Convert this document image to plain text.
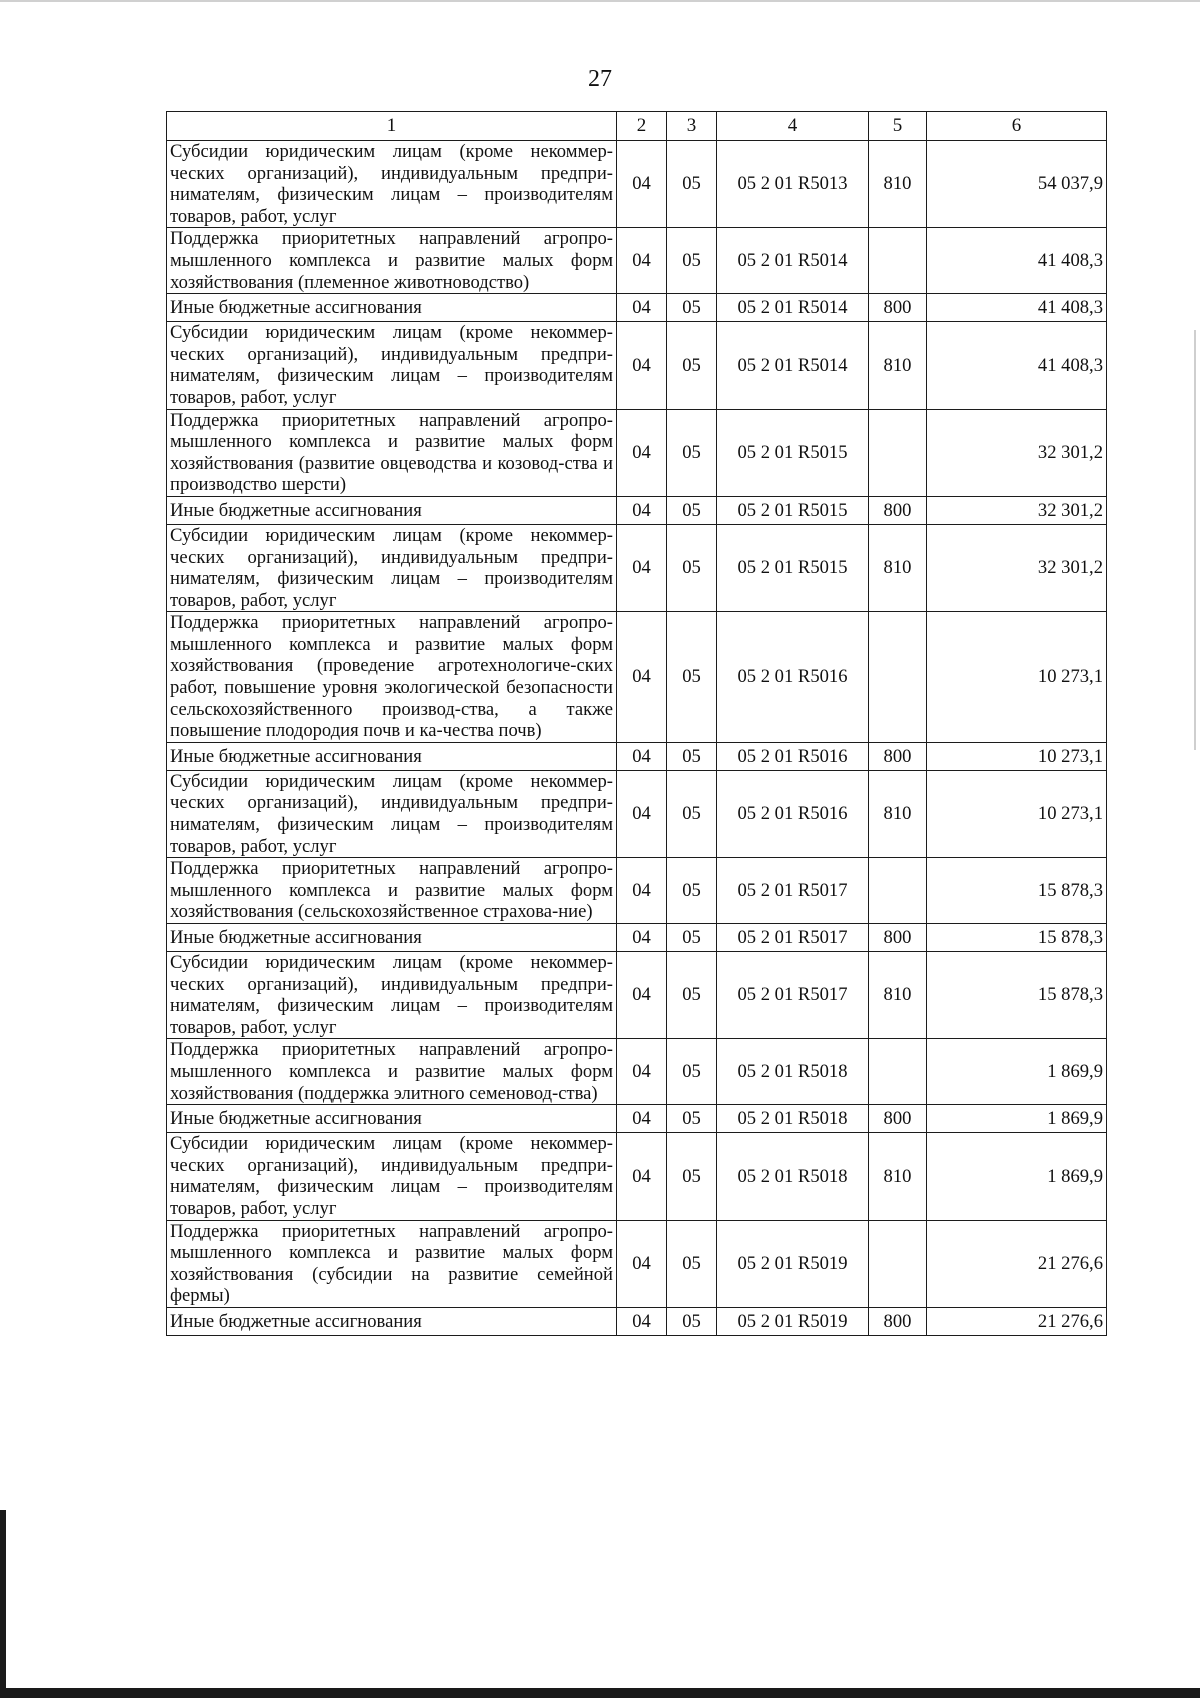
27
1	2	3	4	5	6
Субсидии юридическим лицам (кроме некоммер-ческих организаций), индивидуальным предпри-нимателям, физическим лицам – производителям товаров, работ, услуг	04	05	05 2 01 R5013	810	54 037,9
Поддержка приоритетных направлений агропро-мышленного комплекса и развитие малых форм хозяйствования (племенное животноводство)	04	05	05 2 01 R5014		41 408,3
Иные бюджетные ассигнования	04	05	05 2 01 R5014	800	41 408,3
Субсидии юридическим лицам (кроме некоммер-ческих организаций), индивидуальным предпри-нимателям, физическим лицам – производителям товаров, работ, услуг	04	05	05 2 01 R5014	810	41 408,3
Поддержка приоритетных направлений агропро-мышленного комплекса и развитие малых форм хозяйствования (развитие овцеводства и козовод-ства и производство шерсти)	04	05	05 2 01 R5015		32 301,2
Иные бюджетные ассигнования	04	05	05 2 01 R5015	800	32 301,2
Субсидии юридическим лицам (кроме некоммер-ческих организаций), индивидуальным предпри-нимателям, физическим лицам – производителям товаров, работ, услуг	04	05	05 2 01 R5015	810	32 301,2
Поддержка приоритетных направлений агропро-мышленного комплекса и развитие малых форм хозяйствования (проведение агротехнологиче-ских работ, повышение уровня экологической безопасности сельскохозяйственного производ-ства, а также повышение плодородия почв и ка-чества почв)	04	05	05 2 01 R5016		10 273,1
Иные бюджетные ассигнования	04	05	05 2 01 R5016	800	10 273,1
Субсидии юридическим лицам (кроме некоммер-ческих организаций), индивидуальным предпри-нимателям, физическим лицам – производителям товаров, работ, услуг	04	05	05 2 01 R5016	810	10 273,1
Поддержка приоритетных направлений агропро-мышленного комплекса и развитие малых форм хозяйствования (сельскохозяйственное страхова-ние)	04	05	05 2 01 R5017		15 878,3
Иные бюджетные ассигнования	04	05	05 2 01 R5017	800	15 878,3
Субсидии юридическим лицам (кроме некоммер-ческих организаций), индивидуальным предпри-нимателям, физическим лицам – производителям товаров, работ, услуг	04	05	05 2 01 R5017	810	15 878,3
Поддержка приоритетных направлений агропро-мышленного комплекса и развитие малых форм хозяйствования (поддержка элитного семеновод-ства)	04	05	05 2 01 R5018		1 869,9
Иные бюджетные ассигнования	04	05	05 2 01 R5018	800	1 869,9
Субсидии юридическим лицам (кроме некоммер-ческих организаций), индивидуальным предпри-нимателям, физическим лицам – производителям товаров, работ, услуг	04	05	05 2 01 R5018	810	1 869,9
Поддержка приоритетных направлений агропро-мышленного комплекса и развитие малых форм хозяйствования (субсидии на развитие семейной фермы)	04	05	05 2 01 R5019		21 276,6
Иные бюджетные ассигнования	04	05	05 2 01 R5019	800	21 276,6
